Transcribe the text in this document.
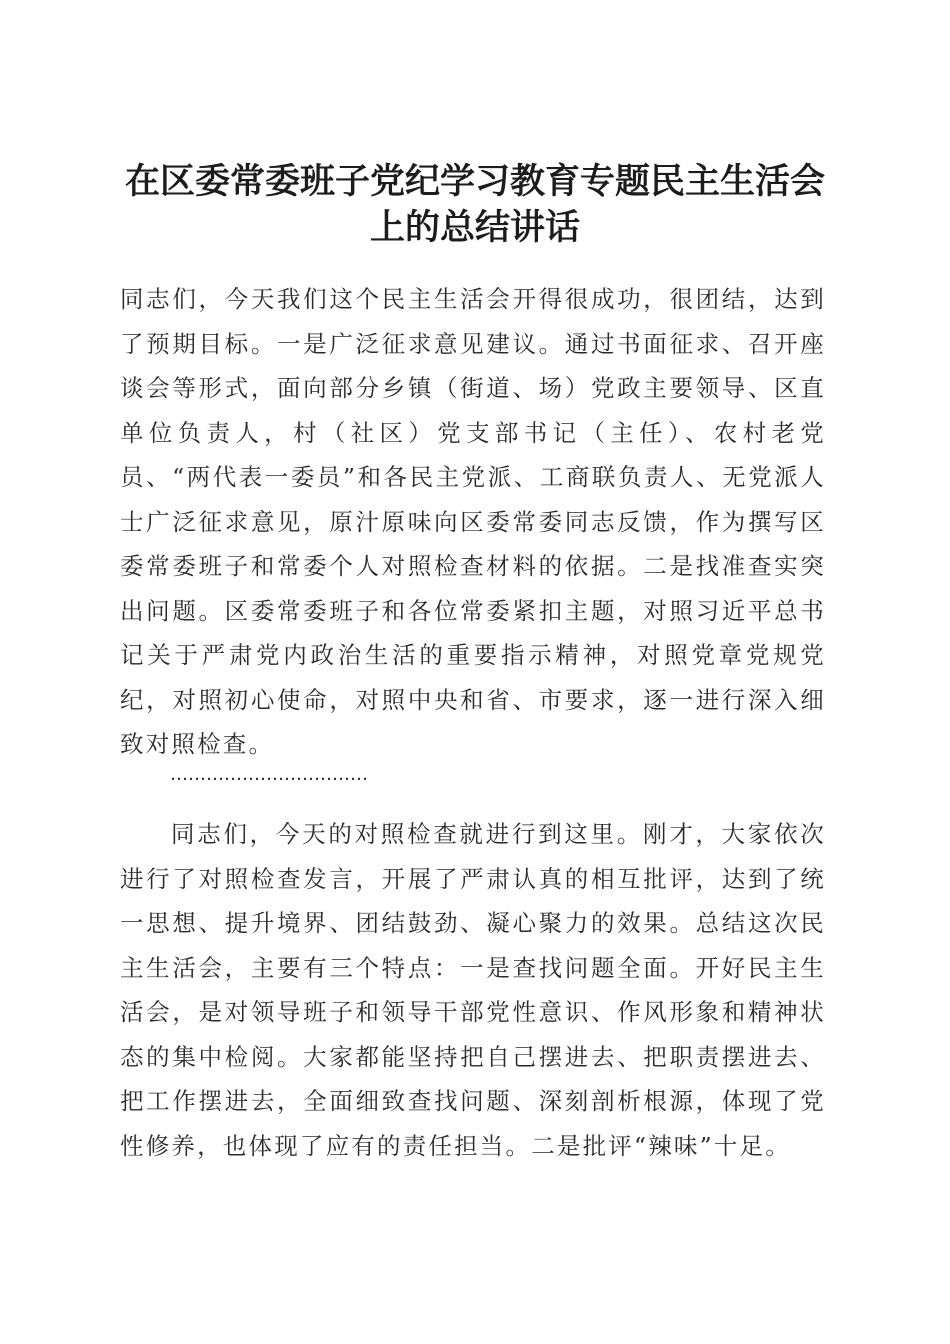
在区委常委班子党纪学习教育专题民主生活会
上的总结讲话

同志们，今天我们这个民主生活会开得很成功，很团结，达到了预期目标。一是广泛征求意见建议。通过书面征求、召开座谈会等形式，面向部分乡镇（街道、场）党政主要领导、区直单位负责人，村（社区）党支部书记（主任）、农村老党员、“两代表一委员”和各民主党派、工商联负责人、无党派人士广泛征求意见，原汁原味向区委常委同志反馈，作为撰写区委常委班子和常委个人对照检查材料的依据。二是找准查实突出问题。区委常委班子和各位常委紧扣主题，对照习近平总书记关于严肃党内政治生活的重要指示精神，对照党章党规党纪，对照初心使命，对照中央和省、市要求，逐一进行深入细致对照检查。

……………………………

同志们，今天的对照检查就进行到这里。刚才，大家依次进行了对照检查发言，开展了严肃认真的相互批评，达到了统一思想、提升境界、团结鼓劲、凝心聚力的效果。总结这次民主生活会，主要有三个特点：一是查找问题全面。开好民主生活会，是对领导班子和领导干部党性意识、作风形象和精神状态的集中检阅。大家都能坚持把自己摆进去、把职责摆进去、把工作摆进去，全面细致查找问题、深刻剖析根源，体现了党性修养，也体现了应有的责任担当。二是批评“辣味”十足。
